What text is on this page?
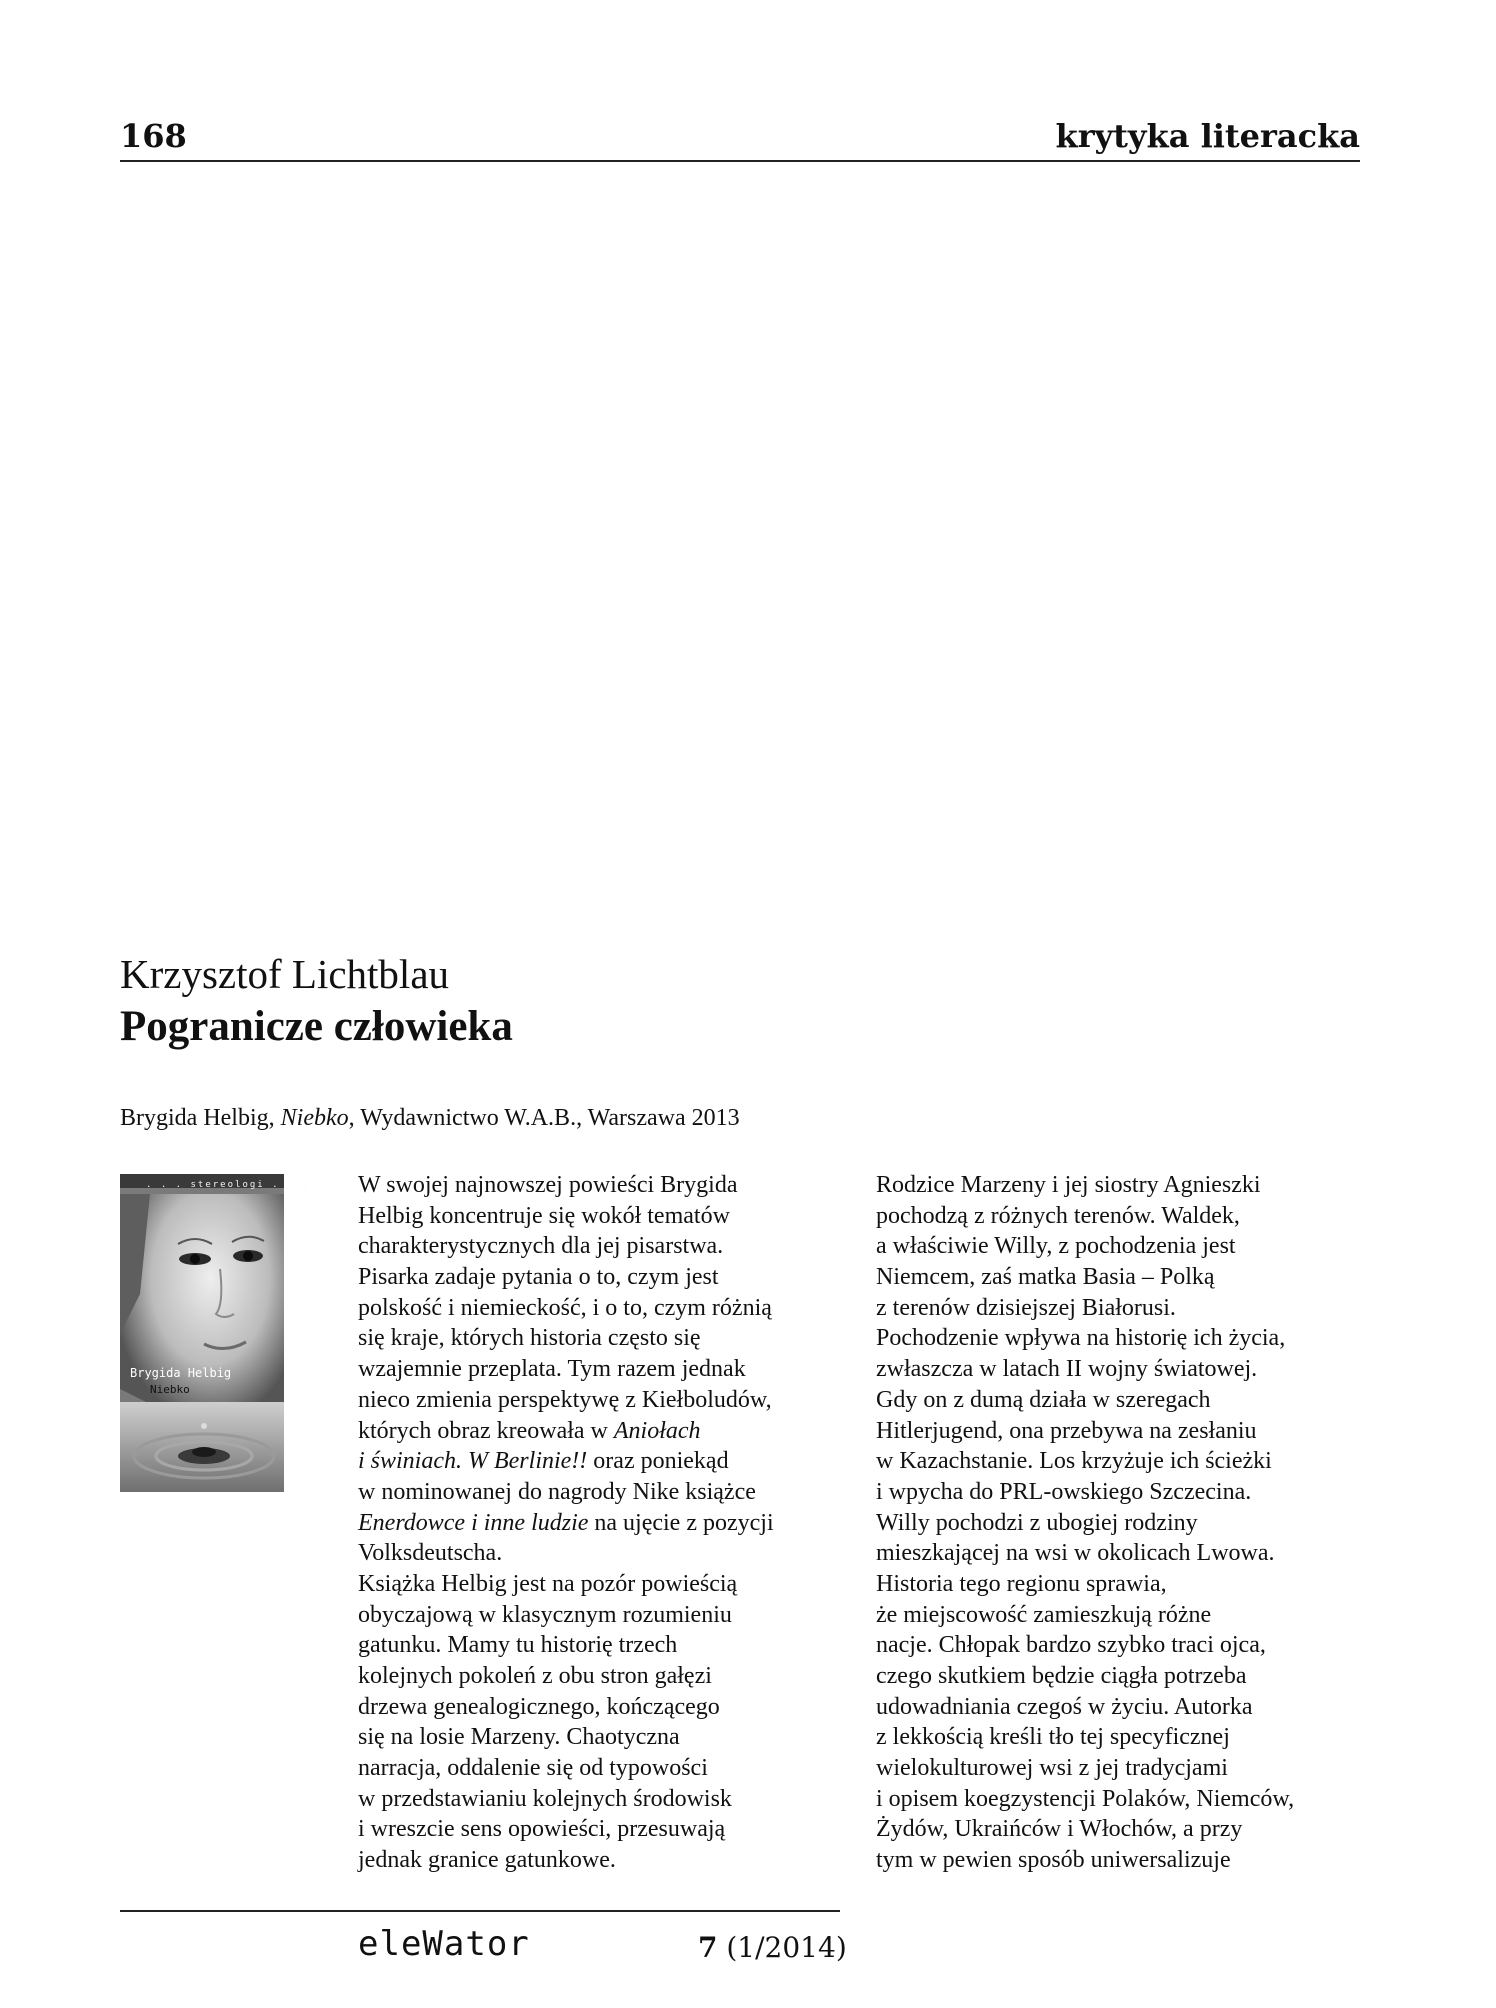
168	krytyka literacka
Krzysztof Lichtblau
Pogranicze człowieka
Brygida Helbig, Niebko, Wydawnictwo W.A.B., Warszawa 2013
. . . stereologi . . .
Brygida Helbig
Niebko
W swojej najnowszej powieści Brygida
Helbig koncentruje się wokół tematów
charakterystycznych dla jej pisarstwa.
Pisarka zadaje pytania o to, czym jest
polskość i niemieckość, i o to, czym różnią
się kraje, których historia często się
wzajemnie przeplata. Tym razem jednak
nieco zmienia perspektywę z Kiełboludów,
których obraz kreowała w Aniołach
i świniach. W Berlinie!! oraz poniekąd
w nominowanej do nagrody Nike książce
Enerdowce i inne ludzie na ujęcie z pozycji
Volksdeutscha.
Książka Helbig jest na pozór powieścią
obyczajową w klasycznym rozumieniu
gatunku. Mamy tu historię trzech
kolejnych pokoleń z obu stron gałęzi
drzewa genealogicznego, kończącego
się na losie Marzeny. Chaotyczna
narracja, oddalenie się od typowości
w przedstawianiu kolejnych środowisk
i wreszcie sens opowieści, przesuwają
jednak granice gatunkowe.
Rodzice Marzeny i jej siostry Agnieszki
pochodzą z różnych terenów. Waldek,
a właściwie Willy, z pochodzenia jest
Niemcem, zaś matka Basia – Polką
z terenów dzisiejszej Białorusi.
Pochodzenie wpływa na historię ich życia,
zwłaszcza w latach II wojny światowej.
Gdy on z dumą działa w szeregach
Hitlerjugend, ona przebywa na zesłaniu
w Kazachstanie. Los krzyżuje ich ścieżki
i wpycha do PRL-owskiego Szczecina.
Willy pochodzi z ubogiej rodziny
mieszkającej na wsi w okolicach Lwowa.
Historia tego regionu sprawia,
że miejscowość zamieszkują różne
nacje. Chłopak bardzo szybko traci ojca,
czego skutkiem będzie ciągła potrzeba
udowadniania czegoś w życiu. Autorka
z lekkością kreśli tło tej specyficznej
wielokulturowej wsi z jej tradycjami
i opisem koegzystencji Polaków, Niemców,
Żydów, Ukraińców i Włochów, a przy
tym w pewien sposób uniwersalizuje
eleWator	7 (1/2014)
